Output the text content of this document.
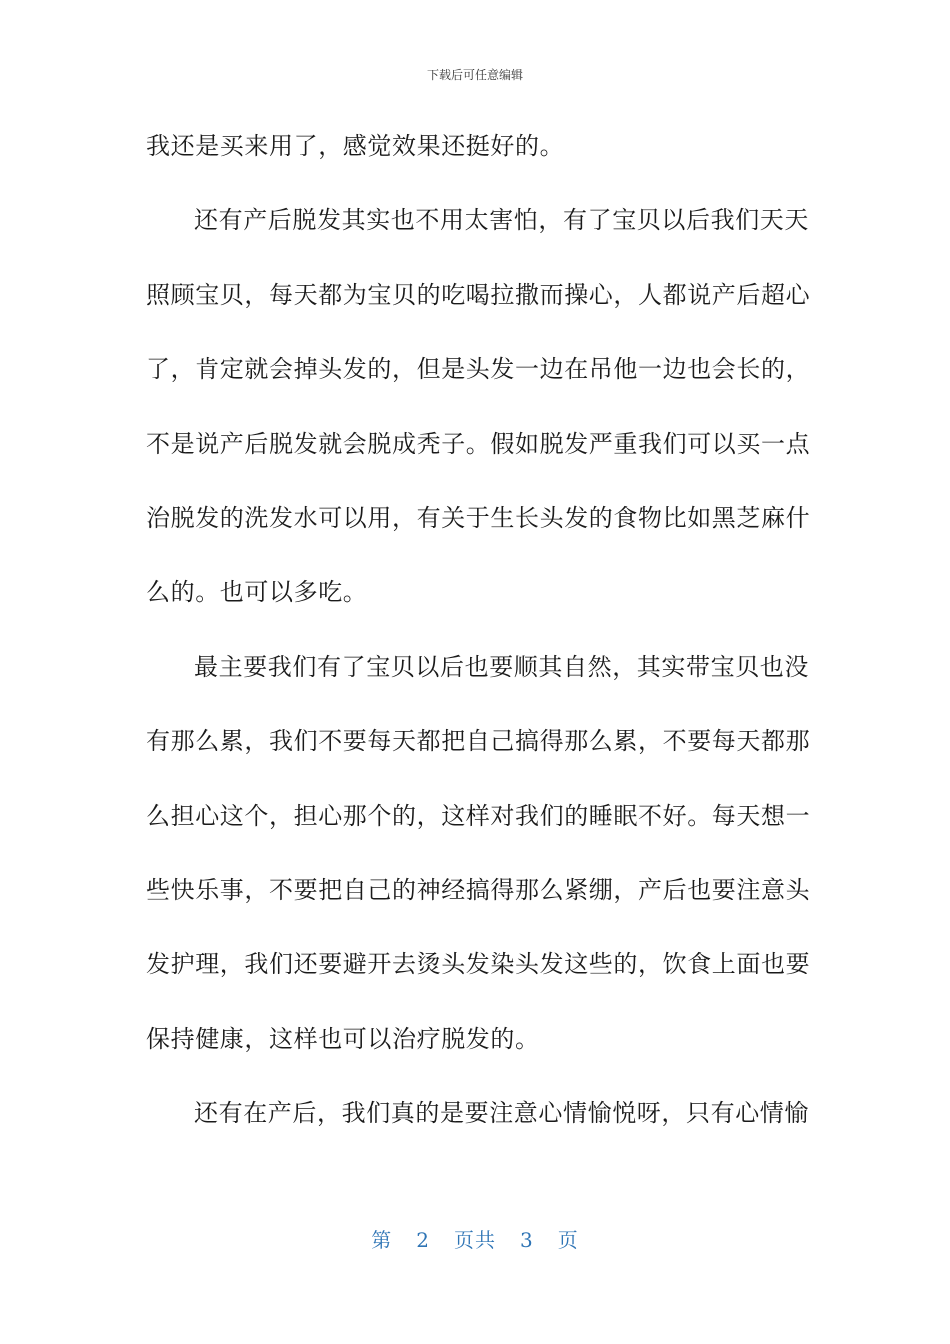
下载后可任意编辑
我还是买来用了，感觉效果还挺好的。
还有产后脱发其实也不用太害怕，有了宝贝以后我们天天
照顾宝贝，每天都为宝贝的吃喝拉撒而操心，人都说产后超心
了，肯定就会掉头发的，但是头发一边在吊他一边也会长的，
不是说产后脱发就会脱成秃子。假如脱发严重我们可以买一点
治脱发的洗发水可以用，有关于生长头发的食物比如黑芝麻什
么的。也可以多吃。
最主要我们有了宝贝以后也要顺其自然，其实带宝贝也没
有那么累，我们不要每天都把自己搞得那么累，不要每天都那
么担心这个，担心那个的，这样对我们的睡眠不好。每天想一
些快乐事，不要把自己的神经搞得那么紧绷，产后也要注意头
发护理，我们还要避开去烫头发染头发这些的，饮食上面也要
保持健康，这样也可以治疗脱发的。
还有在产后，我们真的是要注意心情愉悦呀，只有心情愉
第 2 页共 3 页
